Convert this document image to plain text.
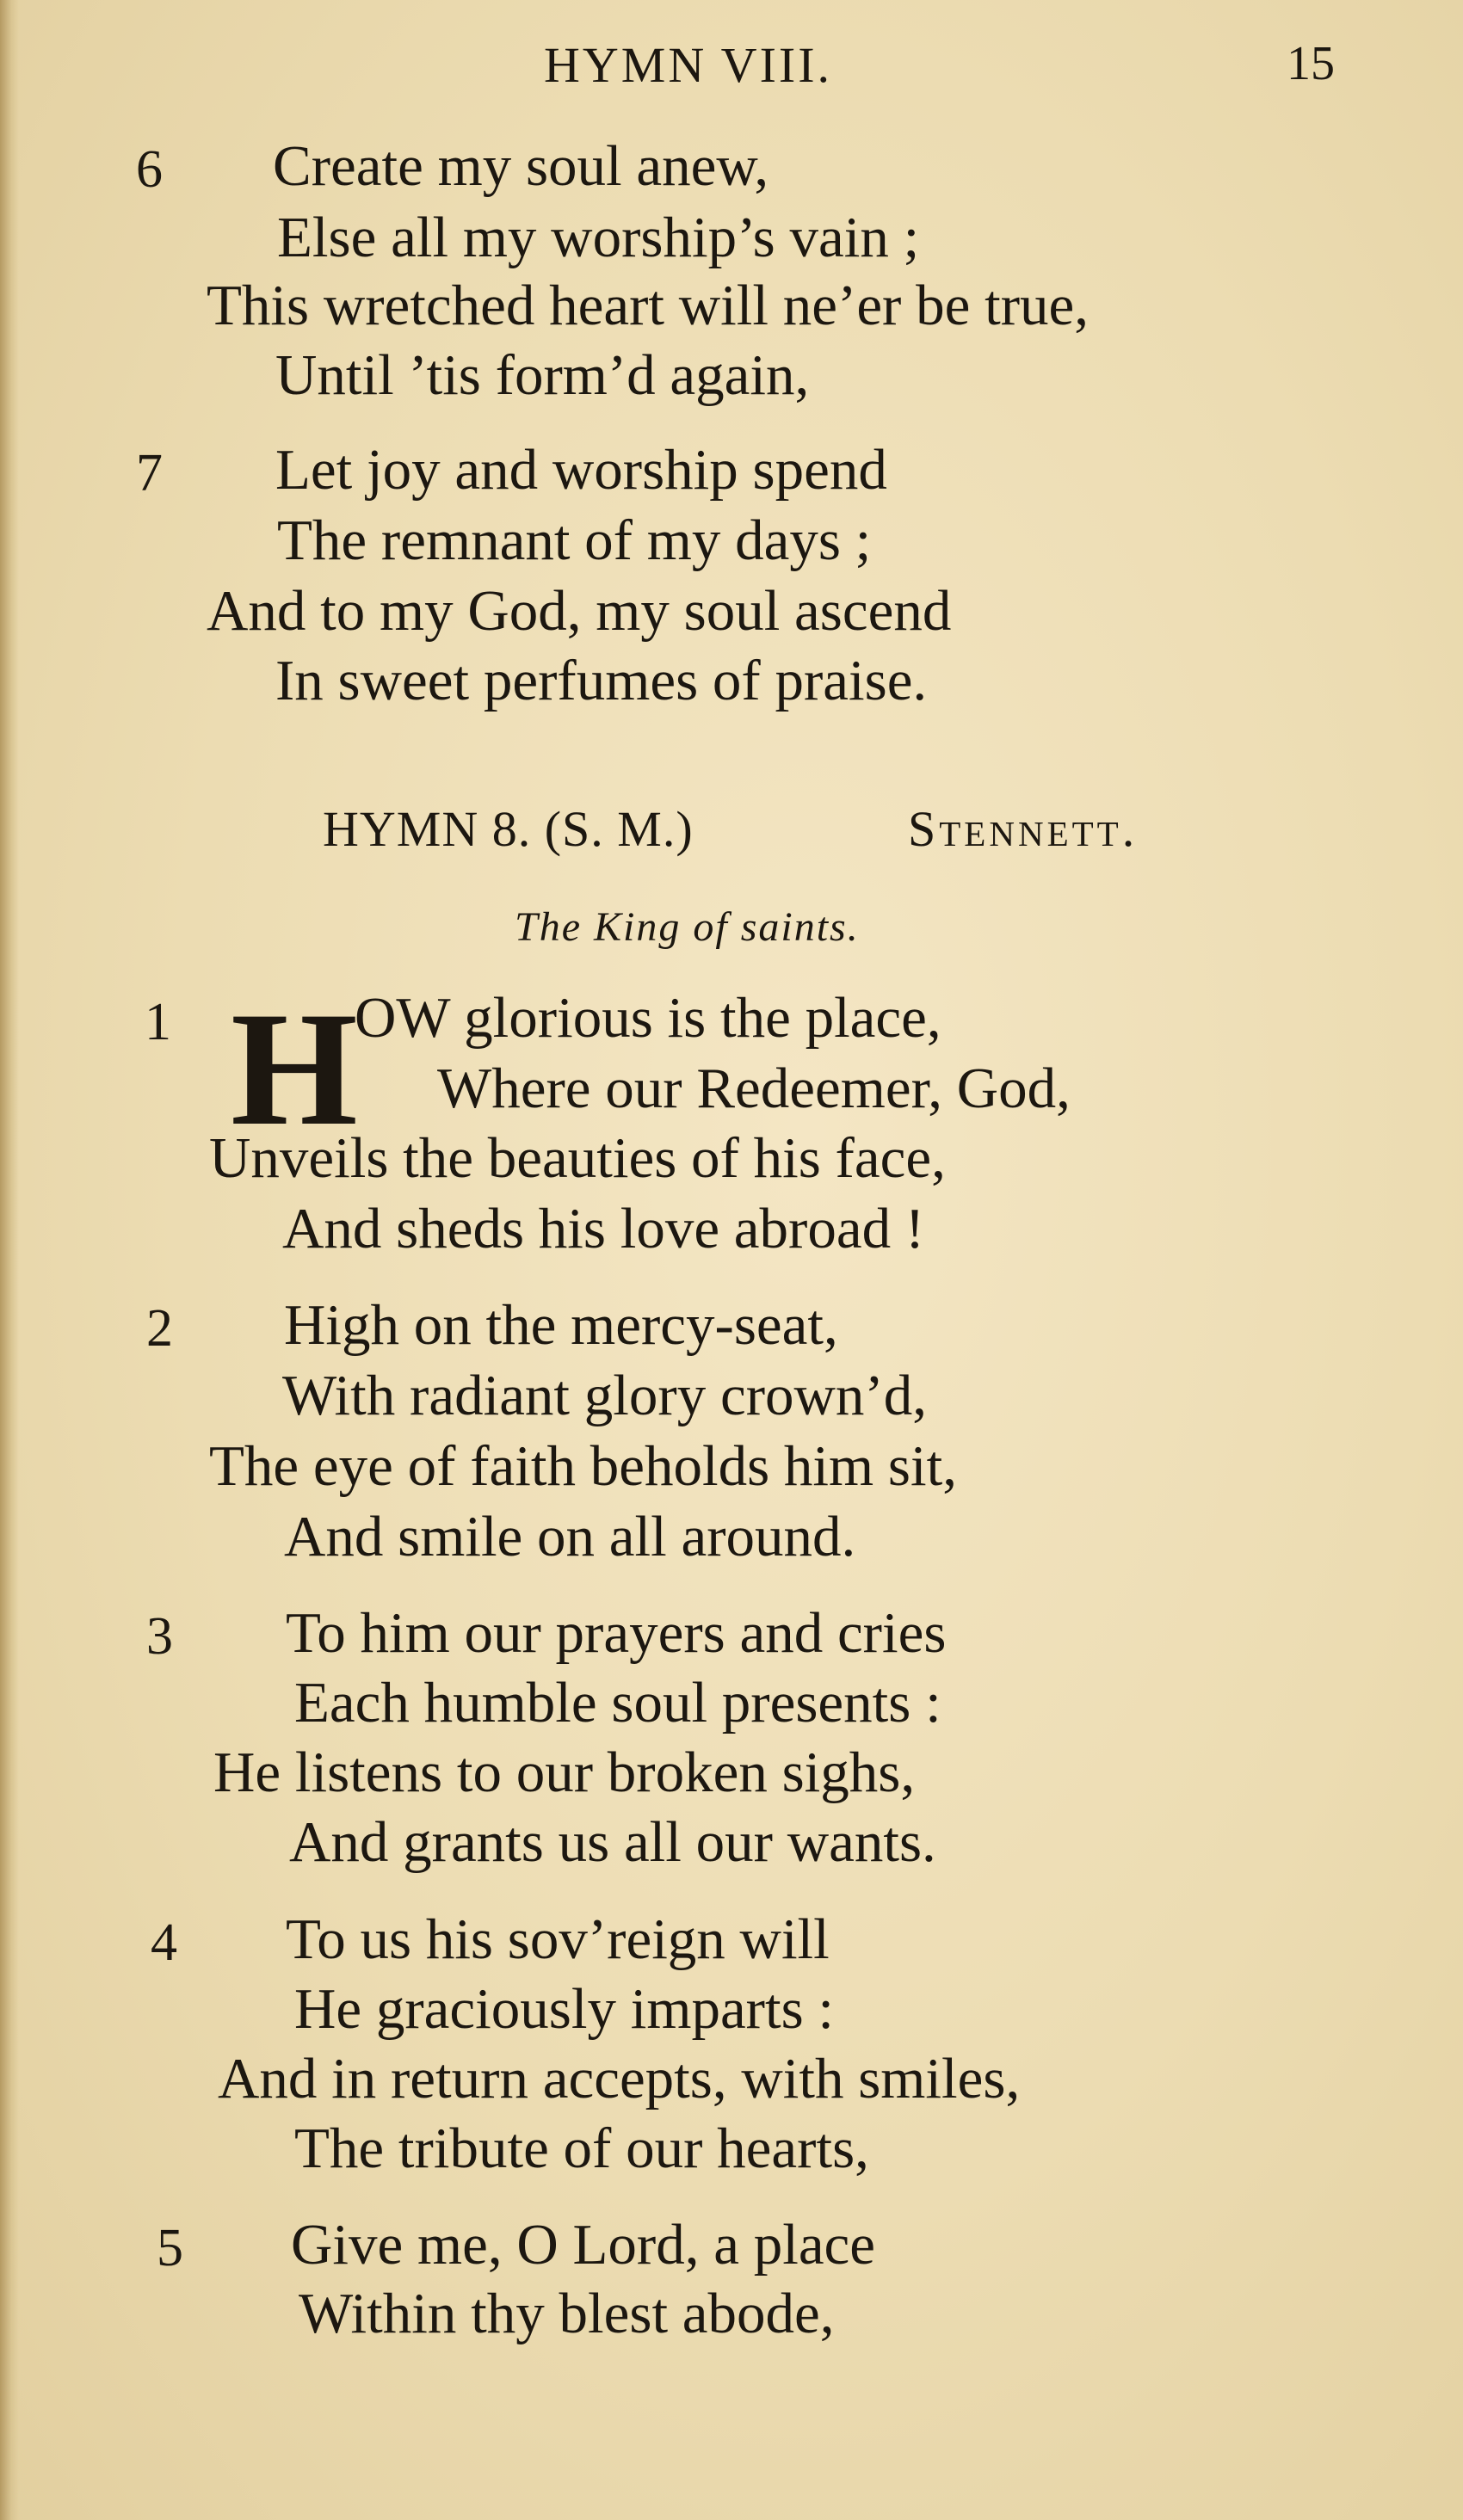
HYMN VIII.	15
6 Create my soul anew,
Else all my worship’s vain ;
This wretched heart will ne’er be true,
Until ’tis form’d again,
7 Let joy and worship spend
The remnant of my days ;
And to my God, my soul ascend
In sweet perfumes of praise.
HYMN 8. (S. M.)	Stennett.
The King of saints.
1 H
OW glorious is the place,
Where our Redeemer, God,
Unveils the beauties of his face,
And sheds his love abroad !
2 High on the mercy-seat,
With radiant glory crown’d,
The eye of faith beholds him sit,
And smile on all around.
3 To him our prayers and cries
Each humble soul presents :
He listens to our broken sighs,
And grants us all our wants.
4 To us his sov’reign will
He graciously imparts :
And in return accepts, with smiles,
The tribute of our hearts,
5 Give me, O Lord, a place
Within thy blest abode,
